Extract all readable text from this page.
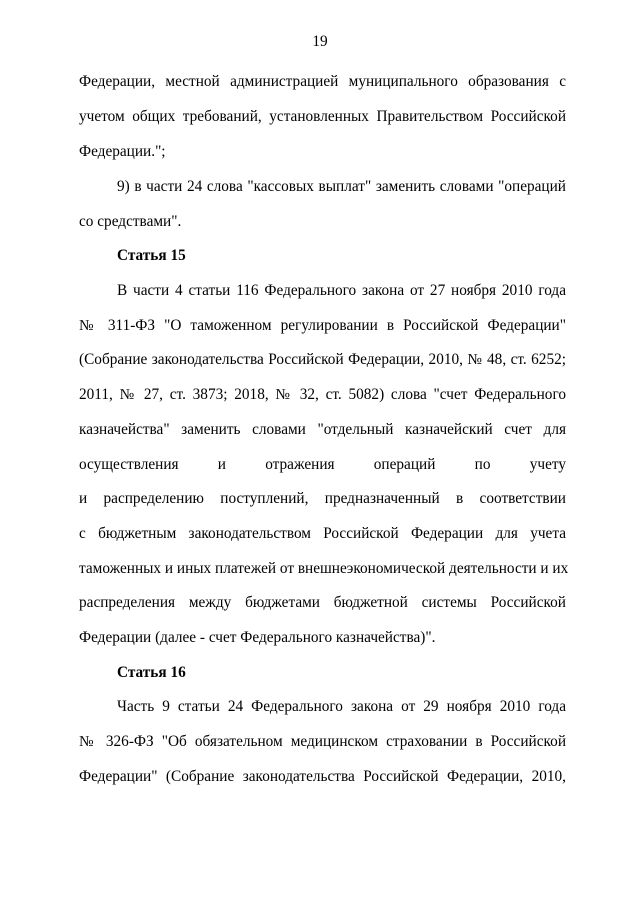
19
Федерации, местной администрацией муниципального образования с
учетом общих требований, установленных Правительством Российской
Федерации.";
9) в части 24 слова "кассовых выплат" заменить словами "операций
со средствами".
Статья 15
В части 4 статьи 116 Федерального закона от 27 ноября 2010 года
№ 311-ФЗ "О таможенном регулировании в Российской Федерации"
(Собрание законодательства Российской Федерации, 2010, № 48, ст. 6252;
2011, № 27, ст. 3873; 2018, № 32, ст. 5082) слова "счет Федерального
казначейства" заменить словами "отдельный казначейский счет для
осуществления и отражения операций по учету
и распределению поступлений, предназначенный в соответствии
с бюджетным законодательством Российской Федерации для учета
таможенных и иных платежей от внешнеэкономической деятельности и их
распределения между бюджетами бюджетной системы Российской
Федерации (далее - счет Федерального казначейства)".
Статья 16
Часть 9 статьи 24 Федерального закона от 29 ноября 2010 года
№ 326-ФЗ "Об обязательном медицинском страховании в Российской
Федерации" (Собрание законодательства Российской Федерации, 2010,
